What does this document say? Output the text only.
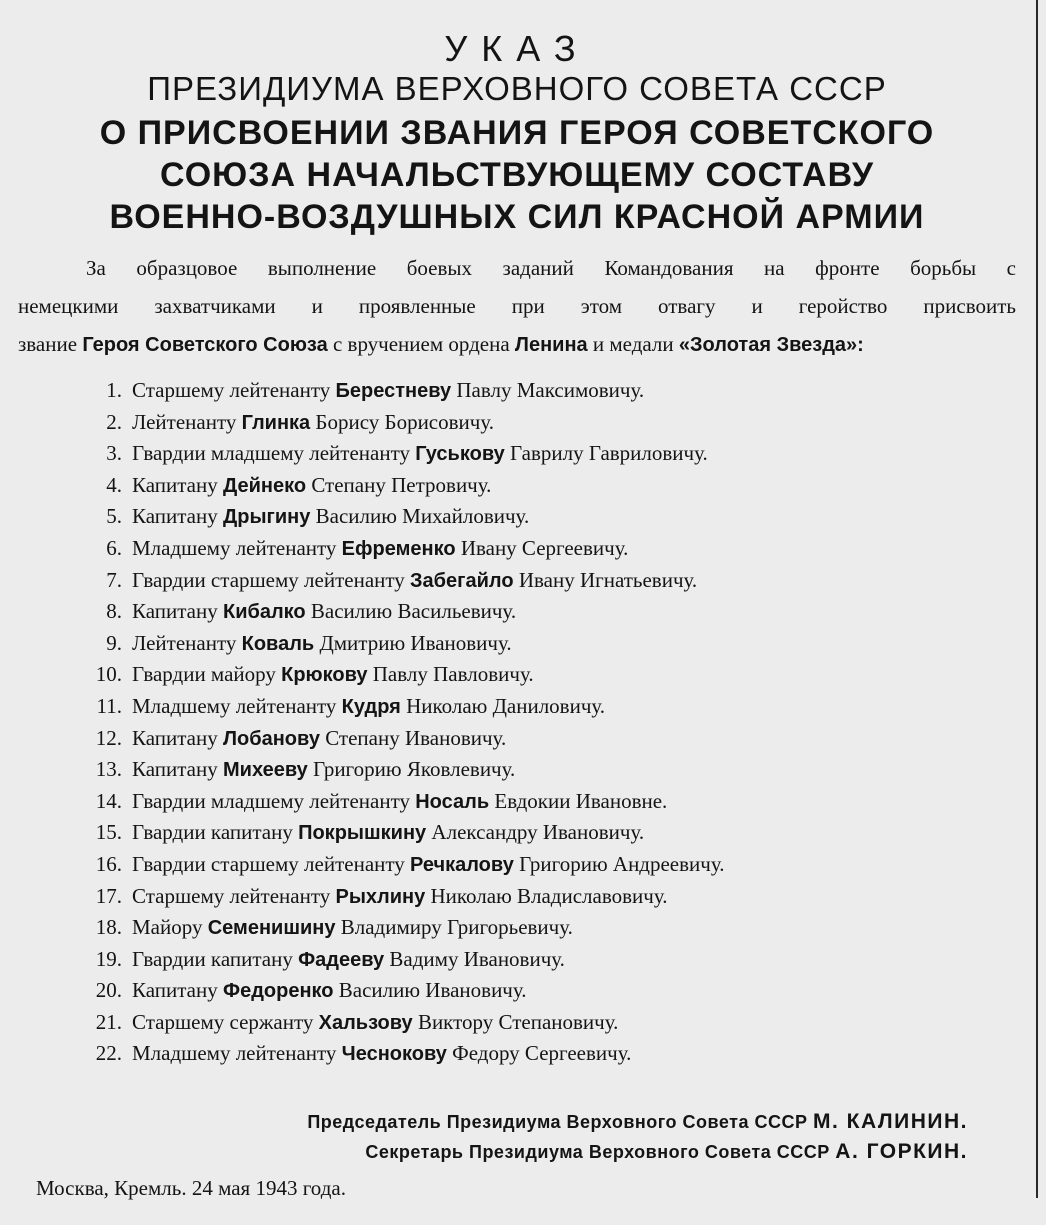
УКАЗ
ПРЕЗИДИУМА ВЕРХОВНОГО СОВЕТА СССР
О ПРИСВОЕНИИ ЗВАНИЯ ГЕРОЯ СОВЕТСКОГО
СОЮЗА НАЧАЛЬСТВУЮЩЕМУ СОСТАВУ
ВОЕННО-ВОЗДУШНЫХ СИЛ КРАСНОЙ АРМИИ
За образцовое выполнение боевых заданий Командования на фронте борьбы с
немецкими захватчиками и проявленные при этом отвагу и геройство присвоить
звание Героя Советского Союза с вручением ордена Ленина и медали «Золотая Звезда»:
1. Старшему лейтенанту Берестневу Павлу Максимовичу.
2. Лейтенанту Глинка Борису Борисовичу.
3. Гвардии младшему лейтенанту Гуськову Гаврилу Гавриловичу.
4. Капитану Дейнеко Степану Петровичу.
5. Капитану Дрыгину Василию Михайловичу.
6. Младшему лейтенанту Ефременко Ивану Сергеевичу.
7. Гвардии старшему лейтенанту Забегайло Ивану Игнатьевичу.
8. Капитану Кибалко Василию Васильевичу.
9. Лейтенанту Коваль Дмитрию Ивановичу.
10. Гвардии майору Крюкову Павлу Павловичу.
11. Младшему лейтенанту Кудря Николаю Даниловичу.
12. Капитану Лобанову Степану Ивановичу.
13. Капитану Михееву Григорию Яковлевичу.
14. Гвардии младшему лейтенанту Носаль Евдокии Ивановне.
15. Гвардии капитану Покрышкину Александру Ивановичу.
16. Гвардии старшему лейтенанту Речкалову Григорию Андреевичу.
17. Старшему лейтенанту Рыхлину Николаю Владиславовичу.
18. Майору Семенишину Владимиру Григорьевичу.
19. Гвардии капитану Фадееву Вадиму Ивановичу.
20. Капитану Федоренко Василию Ивановичу.
21. Старшему сержанту Хальзову Виктору Степановичу.
22. Младшему лейтенанту Чеснокову Федору Сергеевичу.
Председатель Президиума Верховного Совета СССР М. КАЛИНИН.
Секретарь Президиума Верховного Совета СССР А. ГОРКИН.
Москва, Кремль. 24 мая 1943 года.
